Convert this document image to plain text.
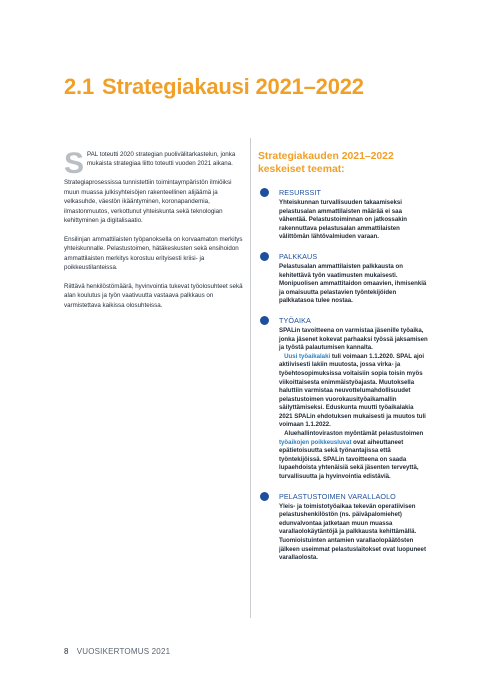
2.1 Strategiakausi 2021–2022

SPAL toteutti 2020 strategian puolivälitarkastelun, jonka mukaista strategiaa liitto toteutti vuoden 2021 aikana.

Strategiaprosessissa tunnistettiin toimintaympäristön ilmiöiksi muun muassa julkisyhteisöjen rakenteellinen alijäämä ja velkasuhde, väestön ikääntyminen, koronapandemia, ilmastonmuutos, verkottunut yhteiskunta sekä teknologian kehittyminen ja digitalisaatio.

Ensilinjan ammattilaisten työpanoksella on korvaamaton merkitys yhteiskunnalle. Pelastustoimen, hätäkeskusten sekä ensihoidon ammattilaisten merkitys korostuu erityisesti kriisi- ja poikkeustilanteissa.

Riittävä henkilöstömäärä, hyvinvointia tukevat työolosuhteet sekä alan koulutus ja työn vaativuutta vastaava palkkaus on varmistettava kaikissa olosuhteissa.

Strategiakauden 2021–2022
keskeiset teemat:
RESURSSIT

Yhteiskunnan turvallisuuden takaamiseksi pelastusalan ammattilaisten määrää ei saa vähentää. Pelastustoiminnan on jatkossakin rakennuttava pelastusalan ammattilaisten välittömän lähtövalmiuden varaan.

PALKKAUS

Pelastusalan ammattilaisten palkkausta on kehitettävä työn vaatimusten mukaisesti. Monipuolisen ammattitaidon omaavien, ihmisenkiä ja omaisuutta pelastavien työntekijöiden palkkatasoa tulee nostaa.

TYÖAIKA

SPALin tavoitteena on varmistaa jäsenille työaika, jonka jäsenet kokevat parhaaksi työssä jaksamisen ja työstä palautumisen kannalta.

Uusi työaikalaki tuli voimaan 1.1.2020. SPAL ajoi aktiivisesti lakiin muutosta, jossa virka- ja työehtosopimuksissa voitaisiin sopia toisin myös viikoittaisesta enimmäistyöajasta. Muutoksella haluttiin varmistaa neuvottelumahdollisuudet pelastustoimen vuorokausityöaikamallin säilyttämiseksi. Eduskunta muutti työaikalakia 2021 SPALin ehdotuksen mukaisesti ja muutos tuli voimaan 1.1.2022.

Aluehallintoviraston myöntämät pelastustoimen työaikojen poikkeusluvat ovat aiheuttaneet epätietoisuutta sekä työnantajissa että työntekijöissä. SPALin tavoitteena on saada lupaehdoista yhtenäisiä sekä jäsenten terveyttä, turvallisuutta ja hyvinvointia edistäviä.

PELASTUSTOIMEN VARALLAOLO

Yleis- ja toimistotyöaikaa tekevän operatiivisen pelastushenkilöstön (ns. päiväpalomiehet) edunvalvontaa jatketaan muun muassa varallaolokäytäntöjä ja palkkausta kehittämällä. Tuomioistuinten antamien varallaolopäätösten jälkeen useimmat pelastuslaitokset ovat luopuneet varallaolosta.

8 VUOSIKERTOMUS 2021
